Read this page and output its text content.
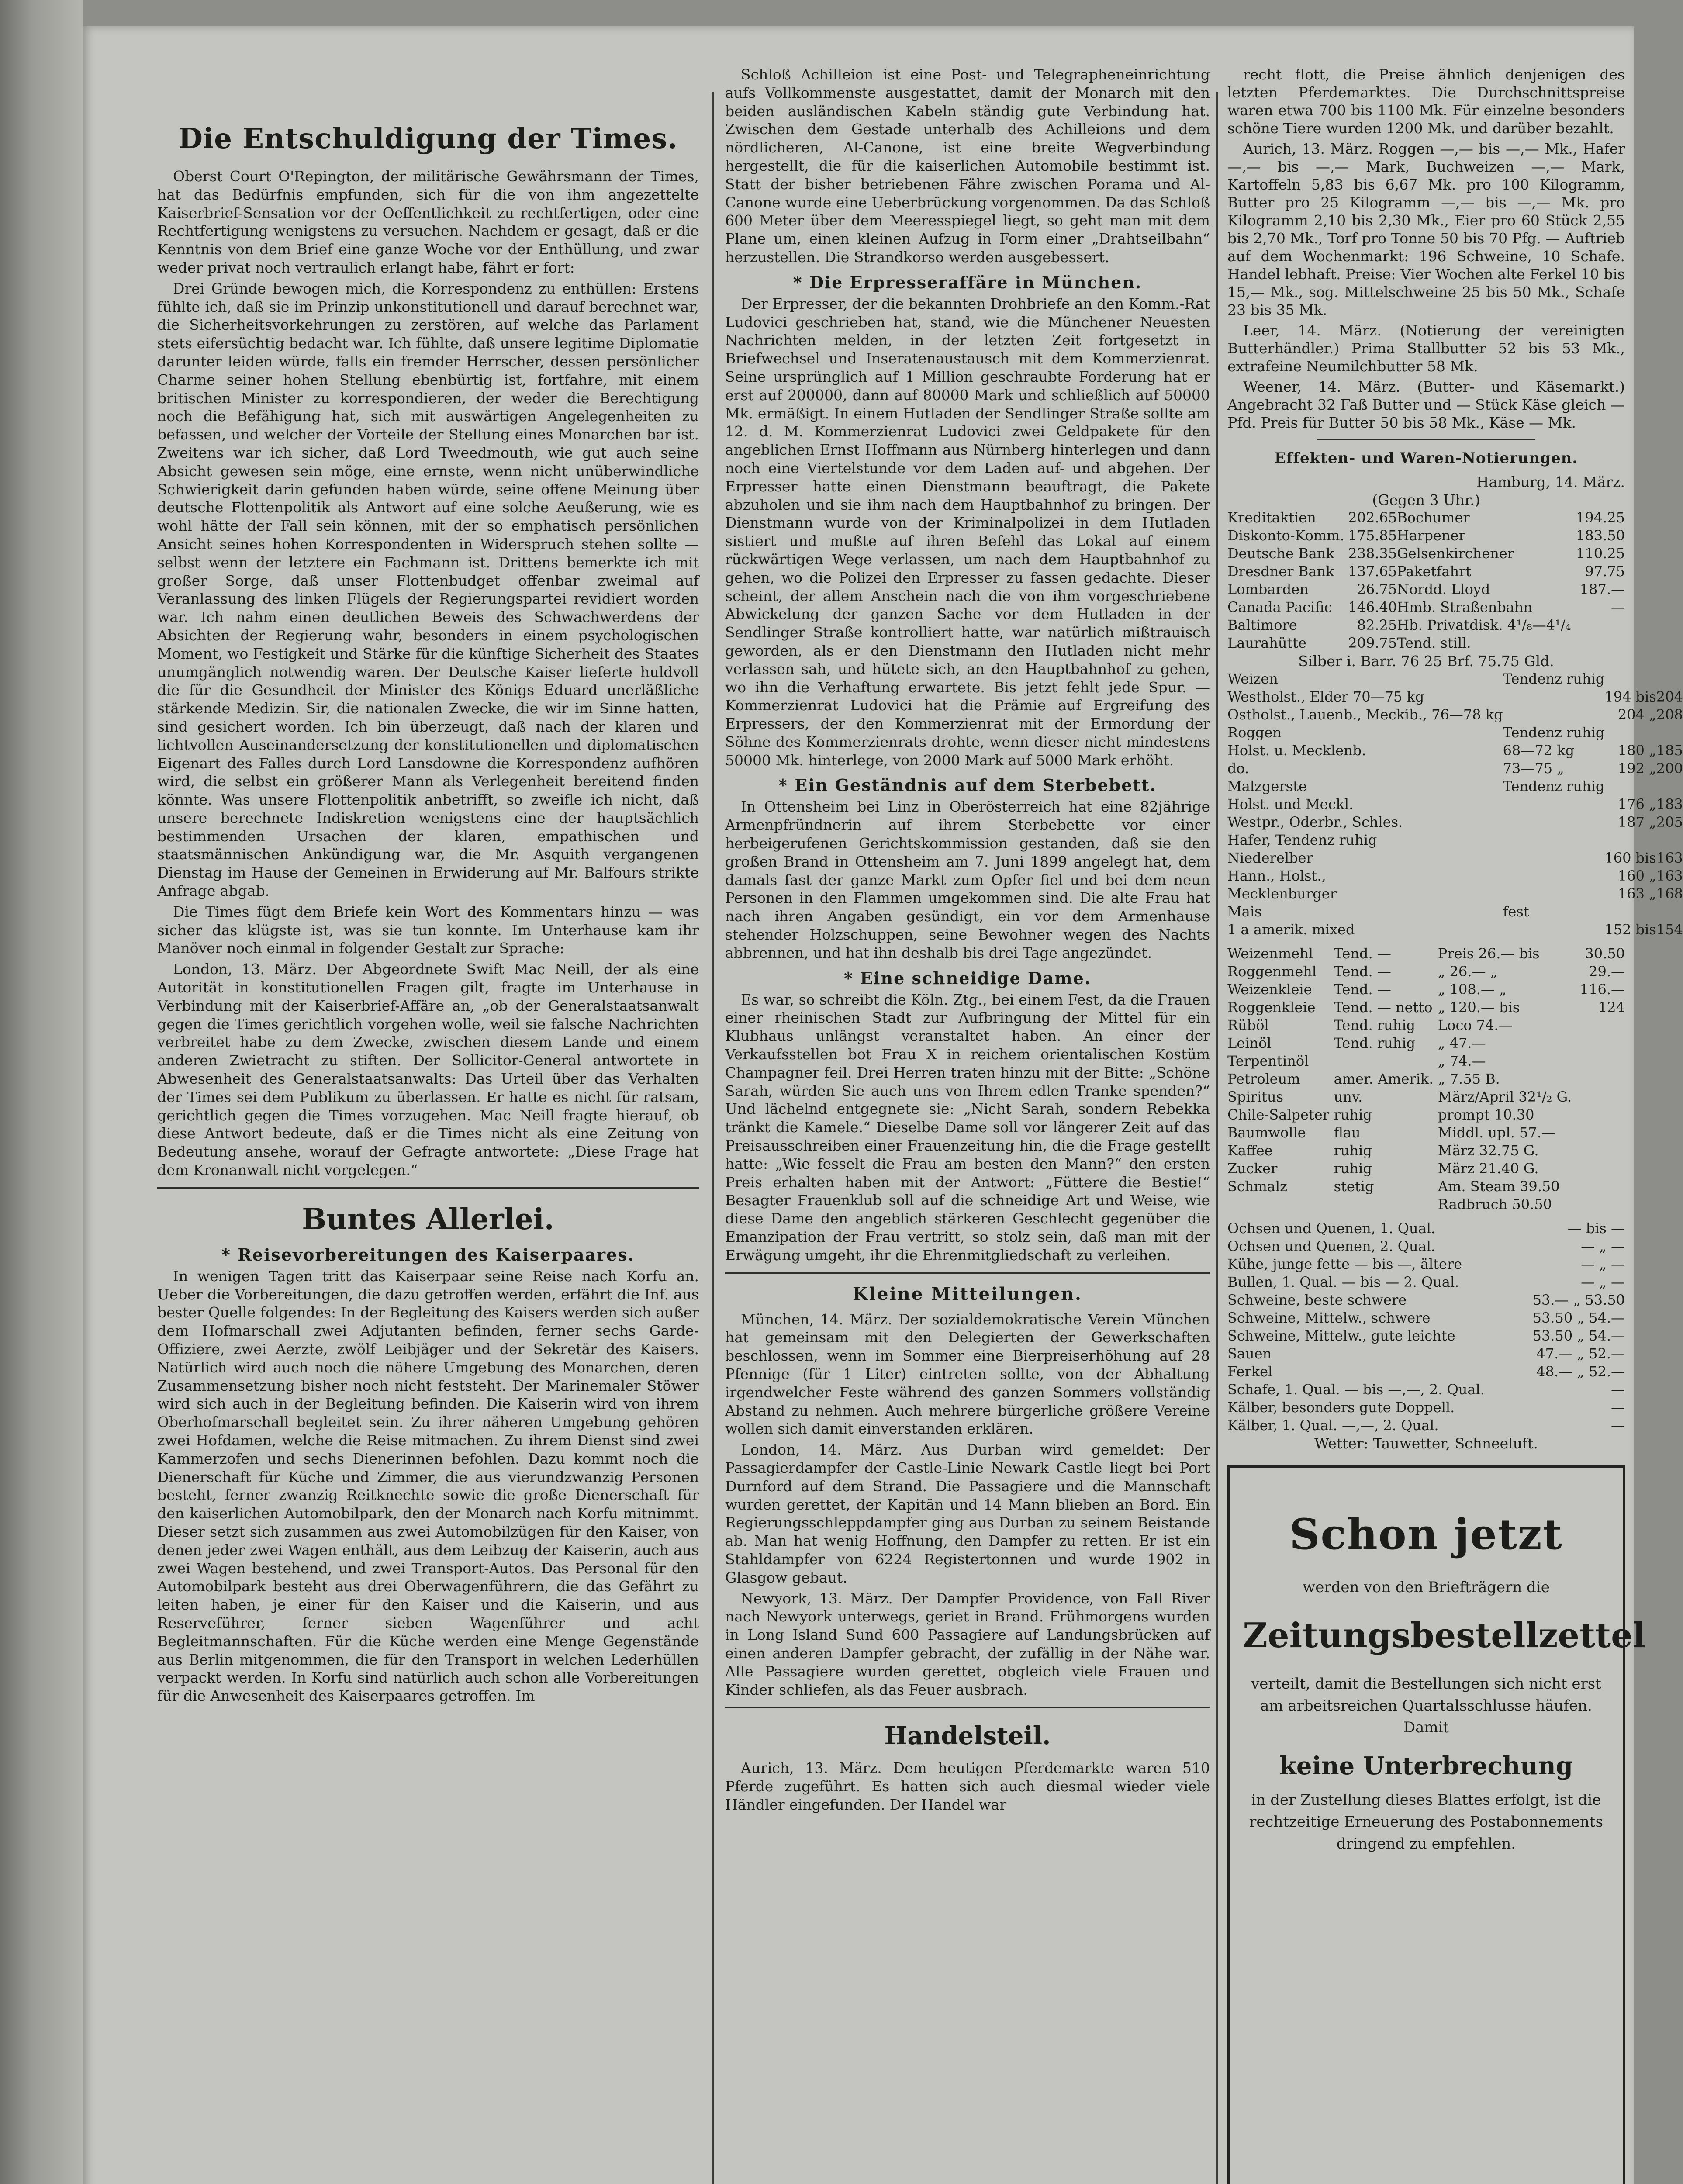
Die Entschuldigung der Times.

Oberst Court O'Repington, der militärische Gewährsmann der Times, hat das Bedürfnis empfunden, sich für die von ihm angezettelte Kaiserbrief-Sensation vor der Oeffentlichkeit zu rechtfertigen, oder eine Rechtfertigung wenigstens zu versuchen. Nachdem er gesagt, daß er die Kenntnis von dem Brief eine ganze Woche vor der Enthüllung, und zwar weder privat noch vertraulich erlangt habe, fährt er fort:

Drei Gründe bewogen mich, die Korrespondenz zu enthüllen: Erstens fühlte ich, daß sie im Prinzip unkonstitutionell und darauf berechnet war, die Sicherheitsvorkehrungen zu zerstören, auf welche das Parlament stets eifersüchtig bedacht war. Ich fühlte, daß unsere legitime Diplomatie darunter leiden würde, falls ein fremder Herrscher, dessen persönlicher Charme seiner hohen Stellung ebenbürtig ist, fortfahre, mit einem britischen Minister zu korrespondieren, der weder die Berechtigung noch die Befähigung hat, sich mit auswärtigen Angelegenheiten zu befassen, und welcher der Vorteile der Stellung eines Monarchen bar ist. Zweitens war ich sicher, daß Lord Tweedmouth, wie gut auch seine Absicht gewesen sein möge, eine ernste, wenn nicht unüberwindliche Schwierigkeit darin gefunden haben würde, seine offene Meinung über deutsche Flottenpolitik als Antwort auf eine solche Aeußerung, wie es wohl hätte der Fall sein können, mit der so emphatisch persönlichen Ansicht seines hohen Korrespondenten in Widerspruch stehen sollte — selbst wenn der letztere ein Fachmann ist. Drittens bemerkte ich mit großer Sorge, daß unser Flottenbudget offenbar zweimal auf Veranlassung des linken Flügels der Regierungspartei revidiert worden war. Ich nahm einen deutlichen Beweis des Schwachwerdens der Absichten der Regierung wahr, besonders in einem psychologischen Moment, wo Festigkeit und Stärke für die künftige Sicherheit des Staates unumgänglich notwendig waren. Der Deutsche Kaiser lieferte huldvoll die für die Gesundheit der Minister des Königs Eduard unerläßliche stärkende Medizin. Sir, die nationalen Zwecke, die wir im Sinne hatten, sind gesichert worden. Ich bin überzeugt, daß nach der klaren und lichtvollen Auseinandersetzung der konstitutionellen und diplomatischen Eigenart des Falles durch Lord Lansdowne die Korrespondenz aufhören wird, die selbst ein größerer Mann als Verlegenheit bereitend finden könnte. Was unsere Flottenpolitik anbetrifft, so zweifle ich nicht, daß unsere berechnete Indiskretion wenigstens eine der hauptsächlich bestimmenden Ursachen der klaren, empathischen und staatsmännischen Ankündigung war, die Mr. Asquith vergangenen Dienstag im Hause der Gemeinen in Erwiderung auf Mr. Balfours strikte Anfrage abgab.

Die Times fügt dem Briefe kein Wort des Kommentars hinzu — was sicher das klügste ist, was sie tun konnte. Im Unterhause kam ihr Manöver noch einmal in folgender Gestalt zur Sprache:

London, 13. März. Der Abgeordnete Swift Mac Neill, der als eine Autorität in konstitutionellen Fragen gilt, fragte im Unterhause in Verbindung mit der Kaiserbrief-Affäre an, „ob der Generalstaatsanwalt gegen die Times gerichtlich vorgehen wolle, weil sie falsche Nachrichten verbreitet habe zu dem Zwecke, zwischen diesem Lande und einem anderen Zwietracht zu stiften. Der Sollicitor-General antwortete in Abwesenheit des Generalstaatsanwalts: Das Urteil über das Verhalten der Times sei dem Publikum zu überlassen. Er hatte es nicht für ratsam, gerichtlich gegen die Times vorzugehen. Mac Neill fragte hierauf, ob diese Antwort bedeute, daß er die Times nicht als eine Zeitung von Bedeutung ansehe, worauf der Gefragte antwortete: „Diese Frage hat dem Kronanwalt nicht vorgelegen.“

Buntes Allerlei.
* Reisevorbereitungen des Kaiserpaares.

In wenigen Tagen tritt das Kaiserpaar seine Reise nach Korfu an. Ueber die Vorbereitungen, die dazu getroffen werden, erfährt die Inf. aus bester Quelle folgendes: In der Begleitung des Kaisers werden sich außer dem Hofmarschall zwei Adjutanten befinden, ferner sechs Garde-Offiziere, zwei Aerzte, zwölf Leibjäger und der Sekretär des Kaisers. Natürlich wird auch noch die nähere Umgebung des Monarchen, deren Zusammensetzung bisher noch nicht feststeht. Der Marinemaler Stöwer wird sich auch in der Begleitung befinden. Die Kaiserin wird von ihrem Oberhofmarschall begleitet sein. Zu ihrer näheren Umgebung gehören zwei Hofdamen, welche die Reise mitmachen. Zu ihrem Dienst sind zwei Kammerzofen und sechs Dienerinnen befohlen. Dazu kommt noch die Dienerschaft für Küche und Zimmer, die aus vierundzwanzig Personen besteht, ferner zwanzig Reitknechte sowie die große Dienerschaft für den kaiserlichen Automobilpark, den der Monarch nach Korfu mitnimmt. Dieser setzt sich zusammen aus zwei Automobilzügen für den Kaiser, von denen jeder zwei Wagen enthält, aus dem Leibzug der Kaiserin, auch aus zwei Wagen bestehend, und zwei Transport-Autos. Das Personal für den Automobilpark besteht aus drei Oberwagenführern, die das Gefährt zu leiten haben, je einer für den Kaiser und die Kaiserin, und aus Reserveführer, ferner sieben Wagenführer und acht Begleitmannschaften. Für die Küche werden eine Menge Gegenstände aus Berlin mitgenommen, die für den Transport in welchen Lederhüllen verpackt werden. In Korfu sind natürlich auch schon alle Vorbereitungen für die Anwesenheit des Kaiserpaares getroffen. Im

Schloß Achilleion ist eine Post- und Telegrapheneinrichtung aufs Vollkommenste ausgestattet, damit der Monarch mit den beiden ausländischen Kabeln ständig gute Verbindung hat. Zwischen dem Gestade unterhalb des Achilleions und dem nördlicheren, Al-Canone, ist eine breite Wegverbindung hergestellt, die für die kaiserlichen Automobile bestimmt ist. Statt der bisher betriebenen Fähre zwischen Porama und Al-Canone wurde eine Ueberbrückung vorgenommen. Da das Schloß 600 Meter über dem Meeresspiegel liegt, so geht man mit dem Plane um, einen kleinen Aufzug in Form einer „Drahtseilbahn“ herzustellen. Die Strandkorso werden ausgebessert.

* Die Erpresseraffäre in München.

Der Erpresser, der die bekannten Drohbriefe an den Komm.-Rat Ludovici geschrieben hat, stand, wie die Münchener Neuesten Nachrichten melden, in der letzten Zeit fortgesetzt in Briefwechsel und Inseratenaustausch mit dem Kommerzienrat. Seine ursprünglich auf 1 Million geschraubte Forderung hat er erst auf 200000, dann auf 80000 Mark und schließlich auf 50000 Mk. ermäßigt. In einem Hutladen der Sendlinger Straße sollte am 12. d. M. Kommerzienrat Ludovici zwei Geldpakete für den angeblichen Ernst Hoffmann aus Nürnberg hinterlegen und dann noch eine Viertelstunde vor dem Laden auf- und abgehen. Der Erpresser hatte einen Dienstmann beauftragt, die Pakete abzuholen und sie ihm nach dem Hauptbahnhof zu bringen. Der Dienstmann wurde von der Kriminalpolizei in dem Hutladen sistiert und mußte auf ihren Befehl das Lokal auf einem rückwärtigen Wege verlassen, um nach dem Hauptbahnhof zu gehen, wo die Polizei den Erpresser zu fassen gedachte. Dieser scheint, der allem Anschein nach die von ihm vorgeschriebene Abwickelung der ganzen Sache vor dem Hutladen in der Sendlinger Straße kontrolliert hatte, war natürlich mißtrauisch geworden, als er den Dienstmann den Hutladen nicht mehr verlassen sah, und hütete sich, an den Hauptbahnhof zu gehen, wo ihn die Verhaftung erwartete. Bis jetzt fehlt jede Spur. — Kommerzienrat Ludovici hat die Prämie auf Ergreifung des Erpressers, der den Kommerzienrat mit der Ermordung der Söhne des Kommerzienrats drohte, wenn dieser nicht mindestens 50000 Mk. hinterlege, von 2000 Mark auf 5000 Mark erhöht.

* Ein Geständnis auf dem Sterbebett.

In Ottensheim bei Linz in Oberösterreich hat eine 82jährige Armenpfründnerin auf ihrem Sterbebette vor einer herbeigerufenen Gerichtskommission gestanden, daß sie den großen Brand in Ottensheim am 7. Juni 1899 angelegt hat, dem damals fast der ganze Markt zum Opfer fiel und bei dem neun Personen in den Flammen umgekommen sind. Die alte Frau hat nach ihren Angaben gesündigt, ein vor dem Armenhause stehender Holzschuppen, seine Bewohner wegen des Nachts abbrennen, und hat ihn deshalb bis drei Tage angezündet.

* Eine schneidige Dame.

Es war, so schreibt die Köln. Ztg., bei einem Fest, da die Frauen einer rheinischen Stadt zur Aufbringung der Mittel für ein Klubhaus unlängst veranstaltet haben. An einer der Verkaufsstellen bot Frau X in reichem orientalischen Kostüm Champagner feil. Drei Herren traten hinzu mit der Bitte: „Schöne Sarah, würden Sie auch uns von Ihrem edlen Tranke spenden?“ Und lächelnd entgegnete sie: „Nicht Sarah, sondern Rebekka tränkt die Kamele.“ Dieselbe Dame soll vor längerer Zeit auf das Preisausschreiben einer Frauenzeitung hin, die die Frage gestellt hatte: „Wie fesselt die Frau am besten den Mann?“ den ersten Preis erhalten haben mit der Antwort: „Füttere die Bestie!“ Besagter Frauenklub soll auf die schneidige Art und Weise, wie diese Dame den angeblich stärkeren Geschlecht gegenüber die Emanzipation der Frau vertritt, so stolz sein, daß man mit der Erwägung umgeht, ihr die Ehrenmitgliedschaft zu verleihen.

Kleine Mitteilungen.

München, 14. März. Der sozialdemokratische Verein München hat gemeinsam mit den Delegierten der Gewerkschaften beschlossen, wenn im Sommer eine Bierpreiserhöhung auf 28 Pfennige (für 1 Liter) eintreten sollte, von der Abhaltung irgendwelcher Feste während des ganzen Sommers vollständig Abstand zu nehmen. Auch mehrere bürgerliche größere Vereine wollen sich damit einverstanden erklären.

London, 14. März. Aus Durban wird gemeldet: Der Passagierdampfer der Castle-Linie Newark Castle liegt bei Port Durnford auf dem Strand. Die Passagiere und die Mannschaft wurden gerettet, der Kapitän und 14 Mann blieben an Bord. Ein Regierungsschleppdampfer ging aus Durban zu seinem Beistande ab. Man hat wenig Hoffnung, den Dampfer zu retten. Er ist ein Stahldampfer von 6224 Registertonnen und wurde 1902 in Glasgow gebaut.

Newyork, 13. März. Der Dampfer Providence, von Fall River nach Newyork unterwegs, geriet in Brand. Frühmorgens wurden in Long Island Sund 600 Passagiere auf Landungsbrücken auf einen anderen Dampfer gebracht, der zufällig in der Nähe war. Alle Passagiere wurden gerettet, obgleich viele Frauen und Kinder schliefen, als das Feuer ausbrach.

Handelsteil.

Aurich, 13. März. Dem heutigen Pferdemarkte waren 510 Pferde zugeführt. Es hatten sich auch diesmal wieder viele Händler eingefunden. Der Handel war

recht flott, die Preise ähnlich denjenigen des letzten Pferdemarktes. Die Durchschnittspreise waren etwa 700 bis 1100 Mk. Für einzelne besonders schöne Tiere wurden 1200 Mk. und darüber bezahlt.

Aurich, 13. März. Roggen —,— bis —,— Mk., Hafer —,— bis —,— Mark, Buchweizen —,— Mark, Kartoffeln 5,83 bis 6,67 Mk. pro 100 Kilogramm, Butter pro 25 Kilogramm —,— bis —,— Mk. pro Kilogramm 2,10 bis 2,30 Mk., Eier pro 60 Stück 2,55 bis 2,70 Mk., Torf pro Tonne 50 bis 70 Pfg. — Auftrieb auf dem Wochenmarkt: 196 Schweine, 10 Schafe. Handel lebhaft. Preise: Vier Wochen alte Ferkel 10 bis 15,— Mk., sog. Mittelschweine 25 bis 50 Mk., Schafe 23 bis 35 Mk.

Leer, 14. März. (Notierung der vereinigten Butterhändler.) Prima Stallbutter 52 bis 53 Mk., extrafeine Neumilchbutter 58 Mk.

Weener, 14. März. (Butter- und Käsemarkt.) Angebracht 32 Faß Butter und — Stück Käse gleich — Pfd. Preis für Butter 50 bis 58 Mk., Käse — Mk.

Effekten- und Waren-Notierungen.
Hamburg, 14. März.
(Gegen 3 Uhr.)
Kreditaktien	202.65	Bochumer	194.25
Diskonto-Komm.	175.85	Harpener	183.50
Deutsche Bank	238.35	Gelsenkirchener	110.25
Dresdner Bank	137.65	Paketfahrt	97.75
Lombarden	26.75	Nordd. Lloyd	187.—
Canada Pacific	146.40	Hmb. Straßenbahn	—
Baltimore	82.25	Hb. Privatdisk. 4¹/₈—4¹/₄	
Laurahütte	209.75	Tend. still.	
Silber i. Barr. 76 25 Brf. 75.75 Gld.
Weizen	Tendenz ruhig		
Westholst., Elder 70—75 kg		194 bis	204
Ostholst., Lauenb., Meckib., 76—78 kg		204 „	208
Roggen	Tendenz ruhig		
Holst. u. Mecklenb.	68—72 kg	180 „	185
do.	73—75 „	192 „	200
Malzgerste	Tendenz ruhig		
Holst. und Meckl.		176 „	183
Westpr., Oderbr., Schles.		187 „	205
Hafer, Tendenz ruhig			
Niederelber		160 bis	163
Hann., Holst.,		160 „	163
Mecklenburger		163 „	168
Mais	fest		
1 a amerik. mixed		152 bis	154
Weizenmehl	Tend. —	Preis 26.— bis	30.50
Roggenmehl	Tend. —	„ 26.— „	29.—
Weizenkleie	Tend. —	„ 108.— „	116.—
Roggenkleie	Tend. — netto	„ 120.— bis	124
Rüböl	Tend. ruhig	Loco 74.—	
Leinöl	Tend. ruhig	„ 47.—	
Terpentinöl		„ 74.—	
Petroleum	amer. Amerik.	„ 7.55 B.	
Spiritus	unv.	März/April 32¹/₂ G.	
Chile-Salpeter	ruhig	prompt 10.30	
Baumwolle	flau	Middl. upl. 57.—	
Kaffee	ruhig	März 32.75 G.	
Zucker	ruhig	März 21.40 G.	
Schmalz	stetig	Am. Steam 39.50	
		Radbruch 50.50	
Ochsen und Quenen, 1. Qual.	— bis —
Ochsen und Quenen, 2. Qual.	— „ —
Kühe, junge fette — bis —, ältere	— „ —
Bullen, 1. Qual. — bis — 2. Qual.	— „ —
Schweine, beste schwere	53.— „ 53.50
Schweine, Mittelw., schwere	53.50 „ 54.—
Schweine, Mittelw., gute leichte	53.50 „ 54.—
Sauen	47.— „ 52.—
Ferkel	48.— „ 52.—
Schafe, 1. Qual. — bis —,—, 2. Qual.	—
Kälber, besonders gute Doppell.	—
Kälber, 1. Qual. —,—, 2. Qual.	—
Wetter: Tauwetter, Schneeluft.
Schon jetzt
werden von den Briefträgern die
Zeitungsbestellzettel
verteilt, damit die Bestellungen sich nicht erst am arbeitsreichen Quartalsschlusse häufen. Damit
keine Unterbrechung
in der Zustellung dieses Blattes erfolgt, ist die rechtzeitige Erneuerung des Postabonnements dringend zu empfehlen.
